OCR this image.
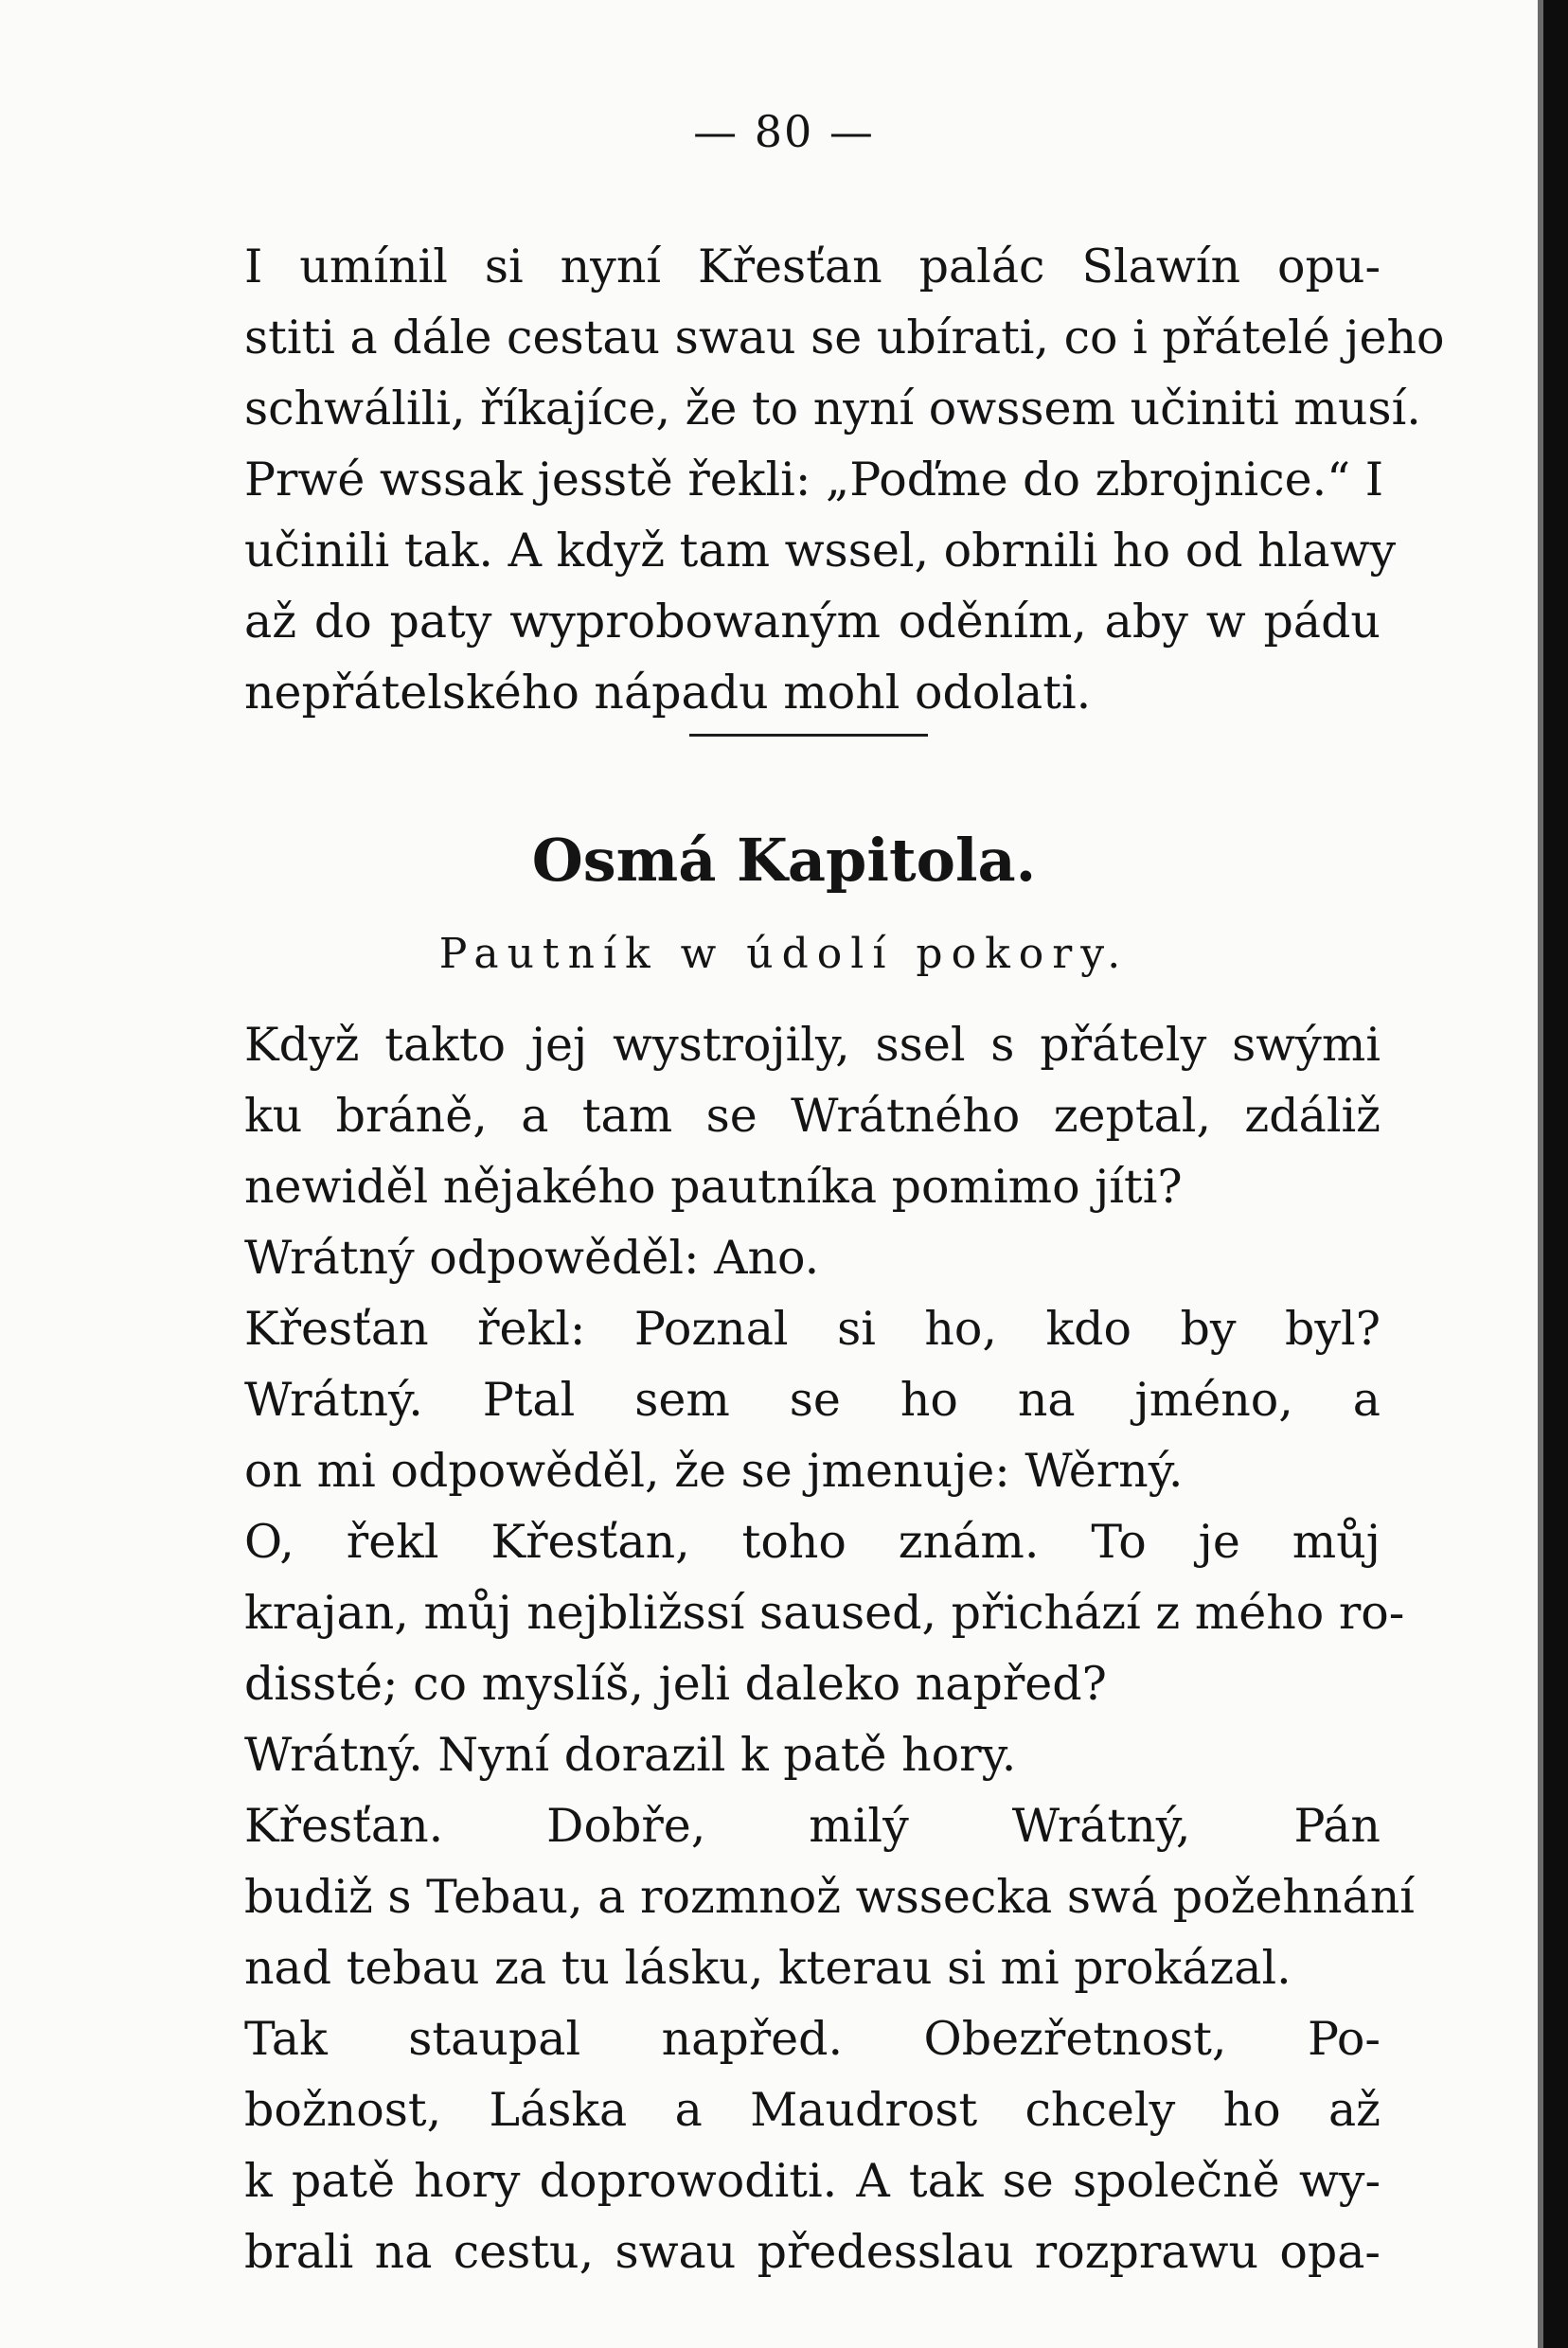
— 80 —
I umínil si nyní Křesťan palác Slawín opu-
stiti a dále cestau swau se ubírati, co i přátelé jeho
schwálili, říkajíce, že to nyní owssem učiniti musí.
Prwé wssak jesstě řekli: „Poďme do zbrojnice.“ I
učinili tak. A když tam wssel, obrnili ho od hlawy
až do paty wyprobowaným oděním, aby w pádu
nepřátelského nápadu mohl odolati.
Osmá Kapitola.
Pautník w údolí pokory.
Když takto jej wystrojily, ssel s přátely swými
ku bráně, a tam se Wrátného zeptal, zdáliž
newiděl nějakého pautníka pomimo jíti?
Wrátný odpowěděl: Ano.
Křesťan řekl: Poznal si ho, kdo by byl?
Wrátný. Ptal sem se ho na jméno, a
on mi odpowěděl, že se jmenuje: Wěrný.
O, řekl Křesťan, toho znám. To je můj
krajan, můj nejbližssí saused, přichází z mého ro-
dissté; co myslíš, jeli daleko napřed?
Wrátný. Nyní dorazil k patě hory.
Křesťan. Dobře, milý Wrátný, Pán
budiž s Tebau, a rozmnož wssecka swá požehnání
nad tebau za tu lásku, kterau si mi prokázal.
Tak staupal napřed. Obezřetnost, Po-
božnost, Láska a Maudrost chcely ho až
k patě hory doprowoditi. A tak se společně wy-
brali na cestu, swau předesslau rozprawu opa-
